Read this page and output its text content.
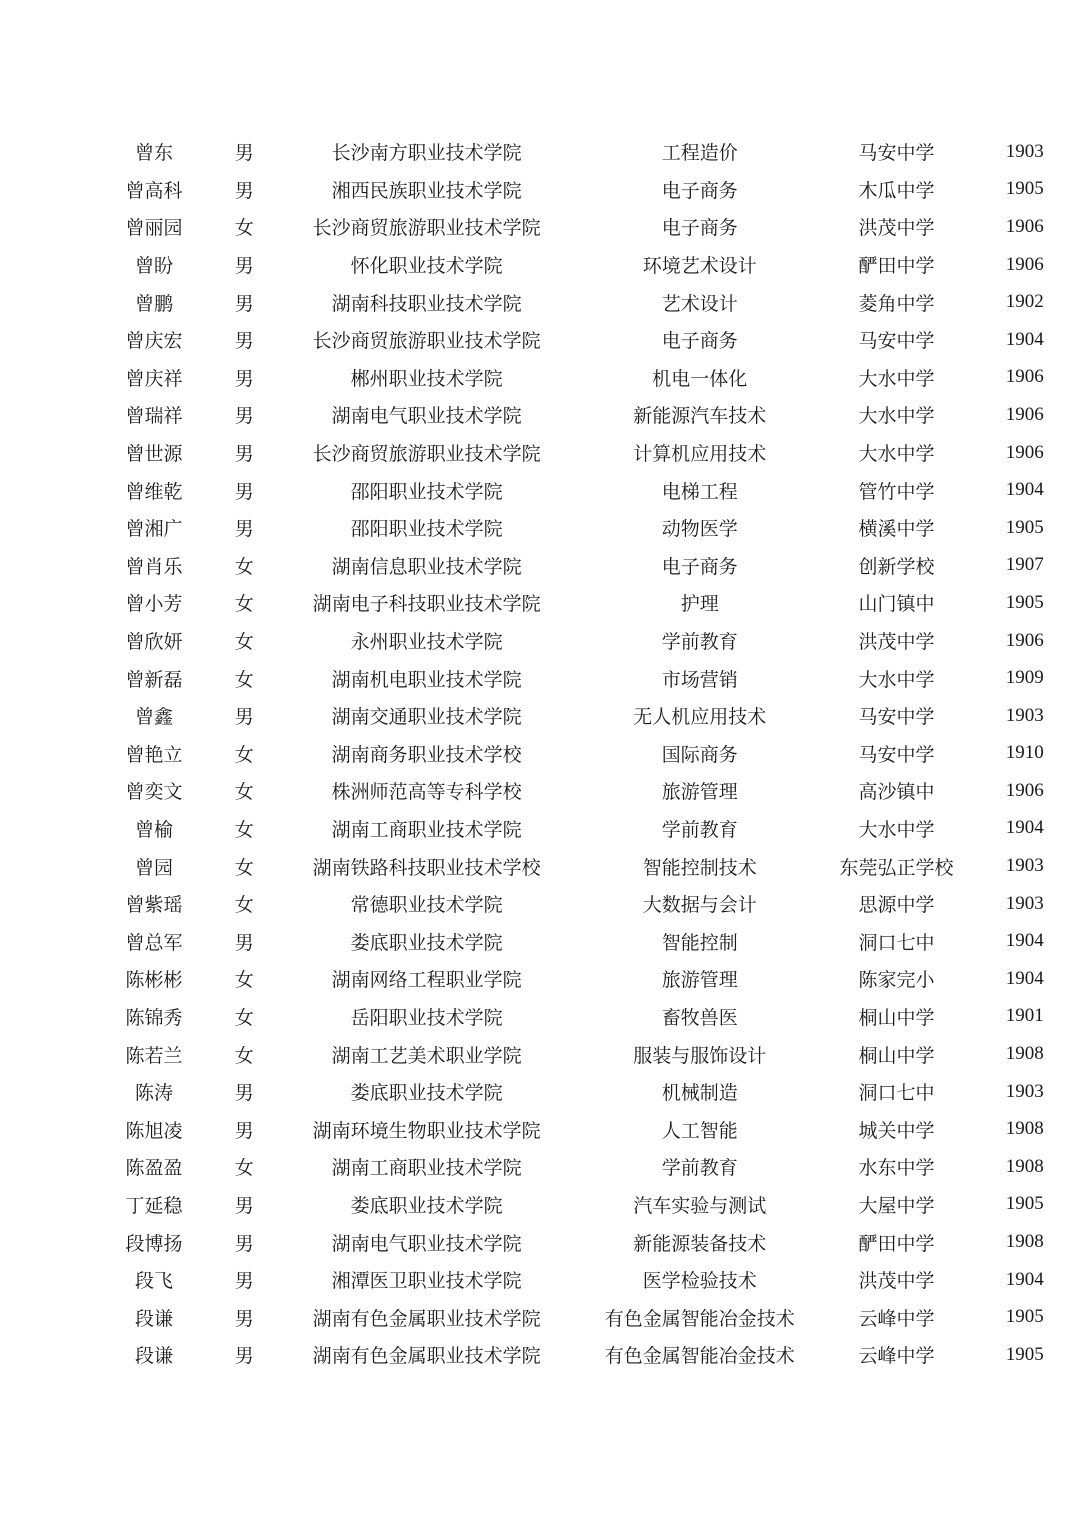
曾东	男	长沙南方职业技术学院	工程造价	马安中学	1903
曾高科	男	湘西民族职业技术学院	电子商务	木瓜中学	1905
曾丽园	女	长沙商贸旅游职业技术学院	电子商务	洪茂中学	1906
曾盼	男	怀化职业技术学院	环境艺术设计	酽田中学	1906
曾鹏	男	湖南科技职业技术学院	艺术设计	菱角中学	1902
曾庆宏	男	长沙商贸旅游职业技术学院	电子商务	马安中学	1904
曾庆祥	男	郴州职业技术学院	机电一体化	大水中学	1906
曾瑞祥	男	湖南电气职业技术学院	新能源汽车技术	大水中学	1906
曾世源	男	长沙商贸旅游职业技术学院	计算机应用技术	大水中学	1906
曾维乾	男	邵阳职业技术学院	电梯工程	管竹中学	1904
曾湘广	男	邵阳职业技术学院	动物医学	横溪中学	1905
曾肖乐	女	湖南信息职业技术学院	电子商务	创新学校	1907
曾小芳	女	湖南电子科技职业技术学院	护理	山门镇中	1905
曾欣妍	女	永州职业技术学院	学前教育	洪茂中学	1906
曾新磊	女	湖南机电职业技术学院	市场营销	大水中学	1909
曾鑫	男	湖南交通职业技术学院	无人机应用技术	马安中学	1903
曾艳立	女	湖南商务职业技术学校	国际商务	马安中学	1910
曾奕文	女	株洲师范高等专科学校	旅游管理	高沙镇中	1906
曾榆	女	湖南工商职业技术学院	学前教育	大水中学	1904
曾园	女	湖南铁路科技职业技术学校	智能控制技术	东莞弘正学校	1903
曾紫瑶	女	常德职业技术学院	大数据与会计	思源中学	1903
曾总军	男	娄底职业技术学院	智能控制	洞口七中	1904
陈彬彬	女	湖南网络工程职业学院	旅游管理	陈家完小	1904
陈锦秀	女	岳阳职业技术学院	畜牧兽医	桐山中学	1901
陈若兰	女	湖南工艺美术职业学院	服装与服饰设计	桐山中学	1908
陈涛	男	娄底职业技术学院	机械制造	洞口七中	1903
陈旭凌	男	湖南环境生物职业技术学院	人工智能	城关中学	1908
陈盈盈	女	湖南工商职业技术学院	学前教育	水东中学	1908
丁延稳	男	娄底职业技术学院	汽车实验与测试	大屋中学	1905
段博扬	男	湖南电气职业技术学院	新能源装备技术	酽田中学	1908
段飞	男	湘潭医卫职业技术学院	医学检验技术	洪茂中学	1904
段谦	男	湖南有色金属职业技术学院	有色金属智能冶金技术	云峰中学	1905
段谦	男	湖南有色金属职业技术学院	有色金属智能冶金技术	云峰中学	1905
